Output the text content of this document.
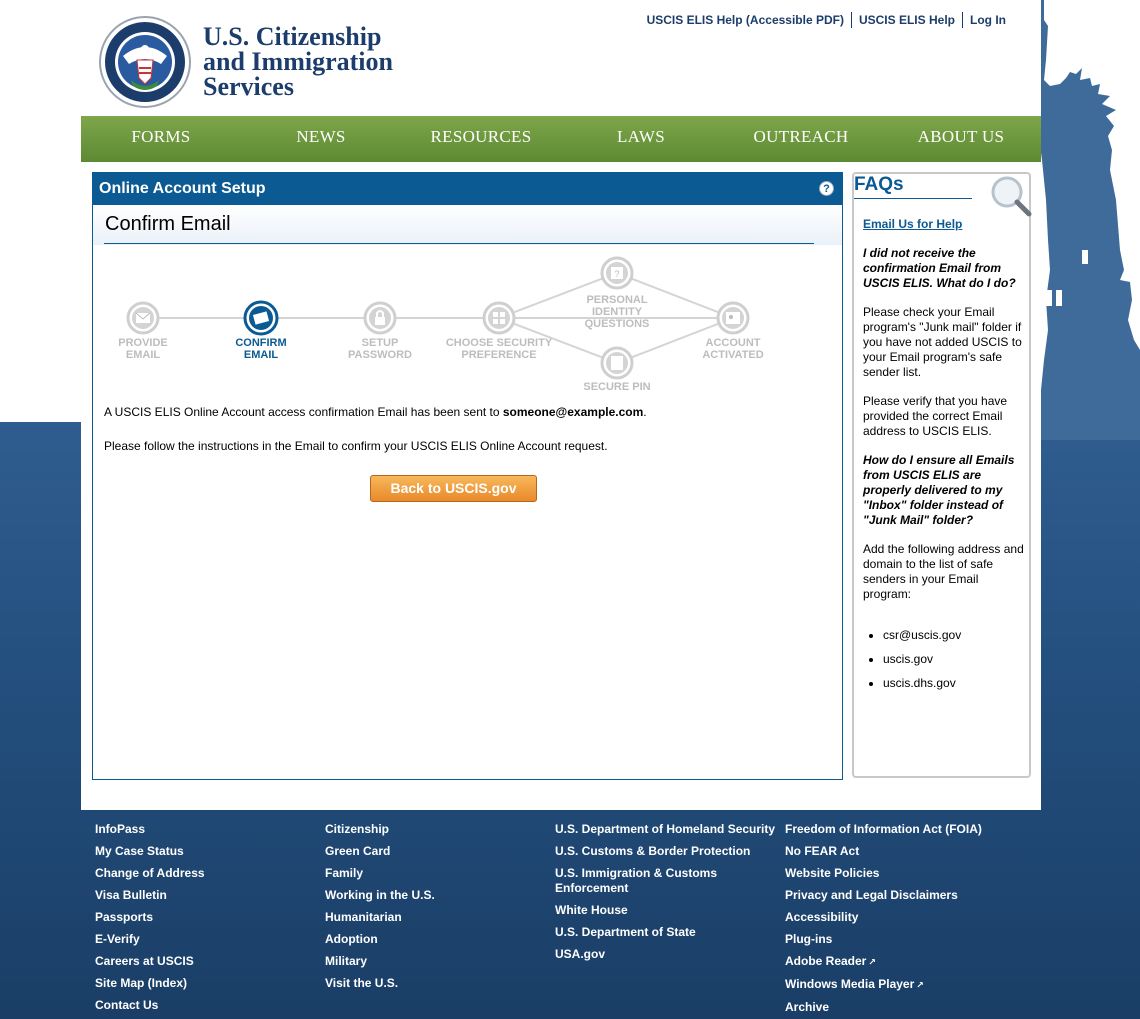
U.S. Citizenship
and Immigration
Services
USCIS ELIS Help (Accessible PDF)	USCIS ELIS Help	Log In
FORMS	NEWS	RESOURCES	LAWS	OUTREACH	ABOUT US
Online Account Setup	?
Confirm Email
?
PROVIDE
EMAIL
CONFIRM
EMAIL
SETUP
PASSWORD
CHOOSE SECURITY
PREFERENCE
PERSONAL
IDENTITY
QUESTIONS
SECURE PIN
ACCOUNT
ACTIVATED
A USCIS ELIS Online Account access confirmation Email has been sent to someone@example.com.
Please follow the instructions in the Email to confirm your USCIS ELIS Online Account request.
Back to USCIS.gov
FAQs

Email Us for Help

I did not receive the confirmation Email from USCIS ELIS. What do I do?

Please check your Email program's "Junk mail" folder if you have not added USCIS to your Email program's safe sender list.

Please verify that you have provided the correct Email address to USCIS ELIS.

How do I ensure all Emails from USCIS ELIS are properly delivered to my "Inbox" folder instead of "Junk Mail" folder?

Add the following address and domain to the list of safe senders in your Email program:

• csr@uscis.gov
• uscis.gov
• uscis.dhs.gov
InfoPass
My Case Status
Change of Address
Visa Bulletin
Passports
E-Verify
Careers at USCIS
Site Map (Index)
Contact Us
Citizenship
Green Card
Family
Working in the U.S.
Humanitarian
Adoption
Military
Visit the U.S.
U.S. Department of Homeland Security
U.S. Customs & Border Protection
U.S. Immigration & Customs Enforcement
White House
U.S. Department of State
USA.gov
Freedom of Information Act (FOIA)
No FEAR Act
Website Policies
Privacy and Legal Disclaimers
Accessibility
Plug-ins
Adobe Reader ↗
Windows Media Player ↗
Archive
